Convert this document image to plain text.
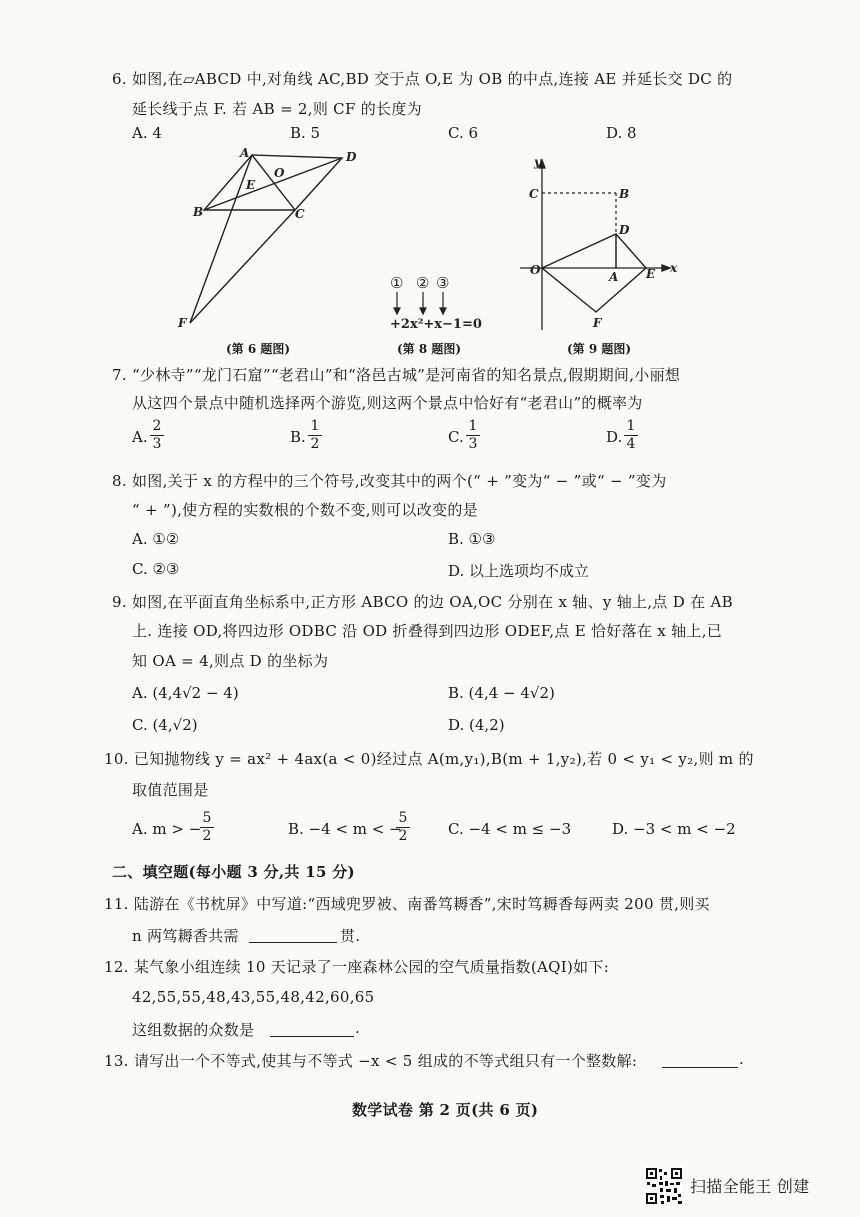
6. 如图,在▱ABCD 中,对角线 AC,BD 交于点 O,E 为 OB 的中点,连接 AE 并延长交 DC 的
延长线于点 F. 若 AB = 2,则 CF 的长度为
A. 4	B. 5	C. 6	D. 8
A	D
E
O
B	C
F
(第 6 题图)
① ② ③
+2x²+x−1=0
(第 8 题图)
y
C	B
D
O	A E x
F
(第 9 题图)
7. “少林寺”“龙门石窟”“老君山”和“洛邑古城”是河南省的知名景点,假期期间,小丽想
从这四个景点中随机选择两个游览,则这两个景点中恰好有“老君山”的概率为
A. $\frac{2}{3}$	B. $\frac{1}{2}$	C. $\frac{1}{3}$	D. $\frac{1}{4}$
8. 如图,关于 x 的方程中的三个符号,改变其中的两个(“ + ”变为“ − ”或“ − ”变为
“ + ”),使方程的实数根的个数不变,则可以改变的是
A. ①②	B. ①③
C. ②③	D. 以上选项均不成立
9. 如图,在平面直角坐标系中,正方形 ABCO 的边 OA,OC 分别在 x 轴、y 轴上,点 D 在 AB
上. 连接 OD,将四边形 ODBC 沿 OD 折叠得到四边形 ODEF,点 E 恰好落在 x 轴上,已
知 OA = 4,则点 D 的坐标为
A. (4,4√2 − 4)	B. (4,4 − 4√2)
C. (4,√2)	D. (4,2)
10. 已知抛物线 y = ax² + 4ax(a < 0)经过点 A(m,y₁),B(m + 1,y₂),若 0 < y₁ < y₂,则 m 的
取值范围是
A. m > −
$\frac{5}{2}$	B. −4 < m < −
$\frac{5}{2}$	C. −4 < m ≤ −3	D. −3 < m < −2
二、填空题(每小题 3 分,共 15 分)
11. 陆游在《书枕屏》中写道:“西域兜罗被、南番笃耨香”,宋时笃耨香每两卖 200 贯,则买
n 两笃耨香共需	贯.
12. 某气象小组连续 10 天记录了一座森林公园的空气质量指数(AQI)如下:
42,55,55,48,43,55,48,42,60,65
这组数据的众数是	.
13. 请写出一个不等式,使其与不等式 −x < 5 组成的不等式组只有一个整数解:	.
数学试卷 第 2 页(共 6 页)
扫描全能王 创建
